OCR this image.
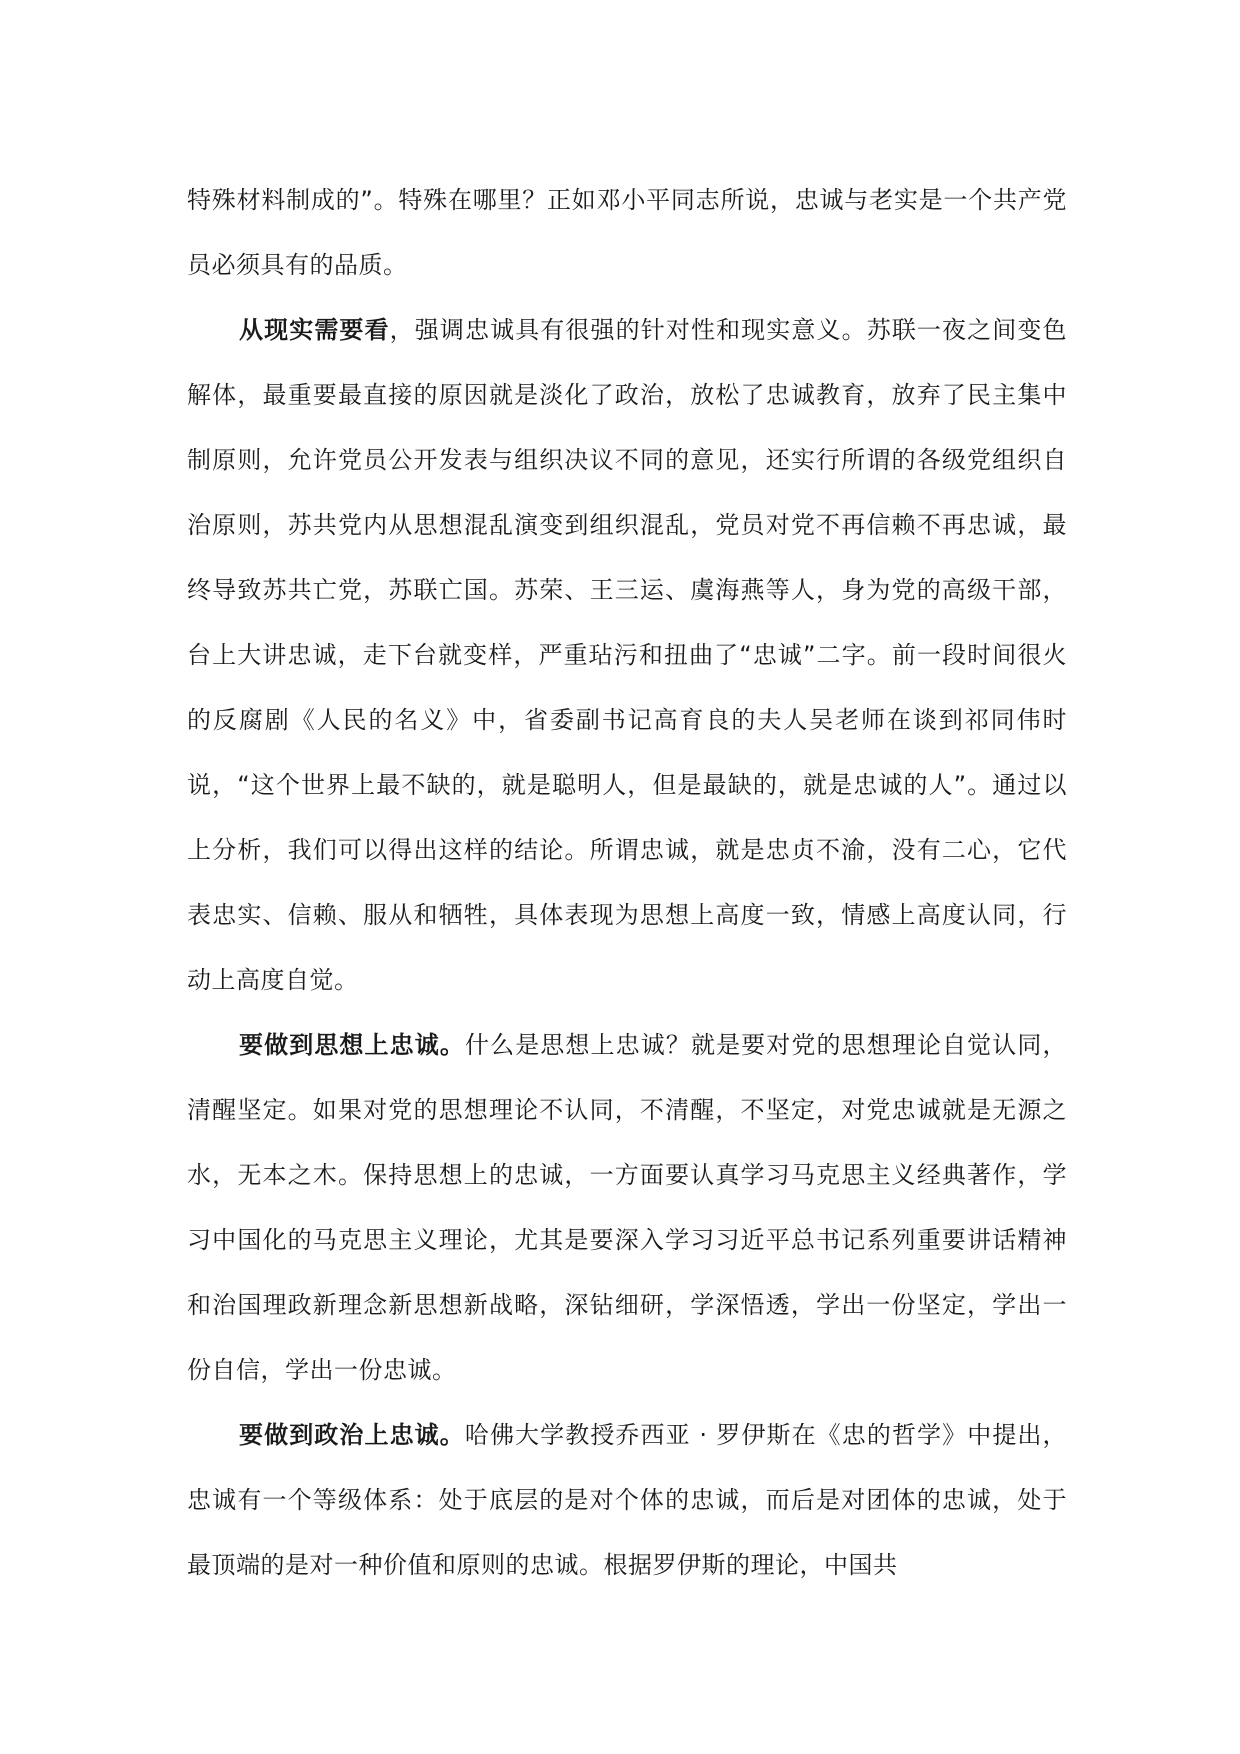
特殊材料制成的”。特殊在哪里？正如邓小平同志所说，忠诚与老实是一个共产党员必须具有的品质。

从现实需要看，强调忠诚具有很强的针对性和现实意义。苏联一夜之间变色解体，最重要最直接的原因就是淡化了政治，放松了忠诚教育，放弃了民主集中制原则，允许党员公开发表与组织决议不同的意见，还实行所谓的各级党组织自治原则，苏共党内从思想混乱演变到组织混乱，党员对党不再信赖不再忠诚，最终导致苏共亡党，苏联亡国。苏荣、王三运、虞海燕等人，身为党的高级干部，台上大讲忠诚，走下台就变样，严重玷污和扭曲了“忠诚”二字。前一段时间很火的反腐剧《人民的名义》中，省委副书记高育良的夫人吴老师在谈到祁同伟时说，“这个世界上最不缺的，就是聪明人，但是最缺的，就是忠诚的人”。通过以上分析，我们可以得出这样的结论。所谓忠诚，就是忠贞不渝，没有二心，它代表忠实、信赖、服从和牺牲，具体表现为思想上高度一致，情感上高度认同，行动上高度自觉。

要做到思想上忠诚。什么是思想上忠诚？就是要对党的思想理论自觉认同，清醒坚定。如果对党的思想理论不认同，不清醒，不坚定，对党忠诚就是无源之水，无本之木。保持思想上的忠诚，一方面要认真学习马克思主义经典著作，学习中国化的马克思主义理论，尤其是要深入学习习近平总书记系列重要讲话精神和治国理政新理念新思想新战略，深钻细研，学深悟透，学出一份坚定，学出一份自信，学出一份忠诚。

要做到政治上忠诚。哈佛大学教授乔西亚 · 罗伊斯在《忠的哲学》中提出，忠诚有一个等级体系：处于底层的是对个体的忠诚，而后是对团体的忠诚，处于最顶端的是对一种价值和原则的忠诚。根据罗伊斯的理论，中国共
